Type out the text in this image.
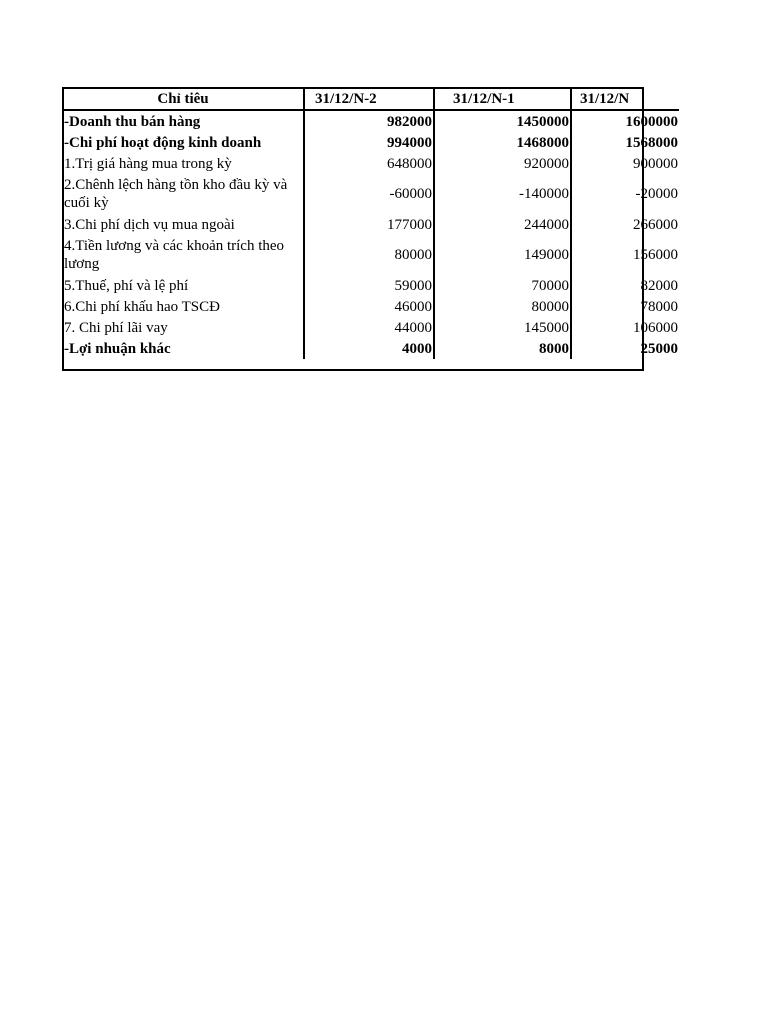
Chỉ tiêu	31/12/N-2	31/12/N-1	31/12/N
-Doanh thu bán hàng	982000	1450000	1600000
-Chi phí hoạt động kinh doanh	994000	1468000	1568000
1.Trị giá hàng mua trong kỳ	648000	920000	900000
2.Chênh lệch hàng tồn kho đầu kỳ và cuối kỳ	-60000	-140000	-20000
3.Chi phí dịch vụ mua ngoài	177000	244000	266000
4.Tiền lương và các khoản trích theo lương	80000	149000	156000
5.Thuế, phí và lệ phí	59000	70000	82000
6.Chi phí khấu hao TSCĐ	46000	80000	78000
7. Chi phí lãi vay	44000	145000	106000
-Lợi nhuận khác	4000	8000	25000
